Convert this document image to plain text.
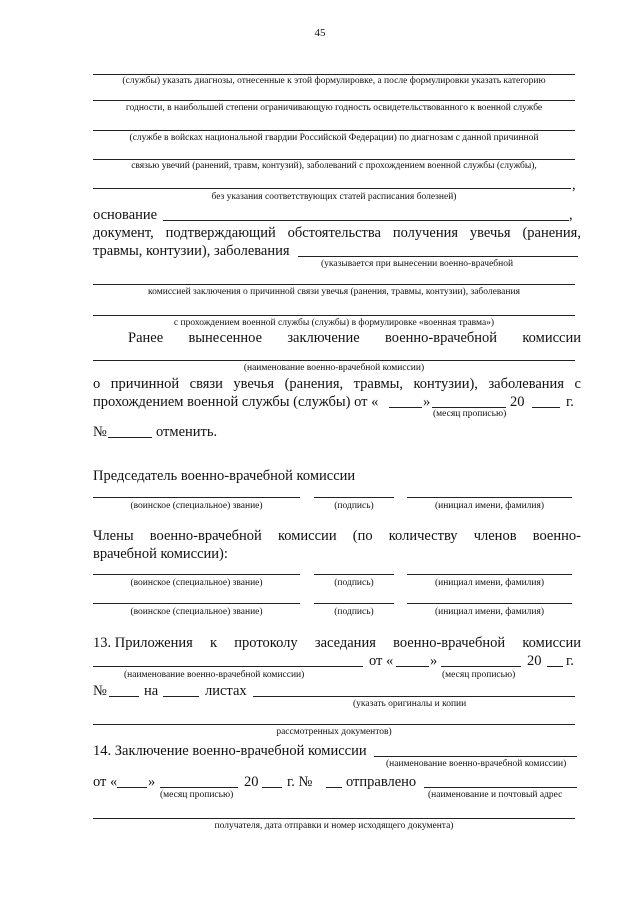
45
(службы) указать диагнозы, отнесенные к этой формулировке, а после формулировки указать категорию
годности, в наибольшей степени ограничивающую годность освидетельствованного к военной службе
(службе в войсках национальной гвардии Российской Федерации) по диагнозам с данной причинной
связью увечий (ранений, травм, контузий), заболеваний с прохождением военной службы (службы),
,
без указания соответствующих статей расписания болезней)
основание	,
документ, подтверждающий обстоятельства получения увечья (ранения,
травмы, контузии), заболевания
(указывается при вынесении военно-врачебной
комиссией заключения о причинной связи увечья (ранения, травмы, контузии), заболевания
с прохождением военной службы (службы) в формулировке «военная травма»)
Ранее вынесенное заключение военно-врачебной комиссии
(наименование военно-врачебной комиссии)
о причинной связи увечья (ранения, травмы, контузии), заболевания с
прохождением военной службы (службы) от «	»	20	г.
(месяц прописью)
№	отменить.
Председатель военно-врачебной комиссии
(воинское (специальное) звание)	(подпись)	(инициал имени, фамилия)
Члены военно-врачебной комиссии (по количеству членов военно-
врачебной комиссии):
(воинское (специальное) звание)	(подпись)	(инициал имени, фамилия)
(воинское (специальное) звание)	(подпись)	(инициал имени, фамилия)
13. Приложения к протоколу заседания военно-врачебной комиссии
от «	»	20 г.
(наименование военно-врачебной комиссии)	(месяц прописью)
№	на	листах
(указать оригиналы и копии
рассмотренных документов)
14. Заключение военно-врачебной комиссии
(наименование военно-врачебной комиссии)
от « »	20 г. № отправлено
(месяц прописью)	(наименование и почтовый адрес
получателя, дата отправки и номер исходящего документа)
